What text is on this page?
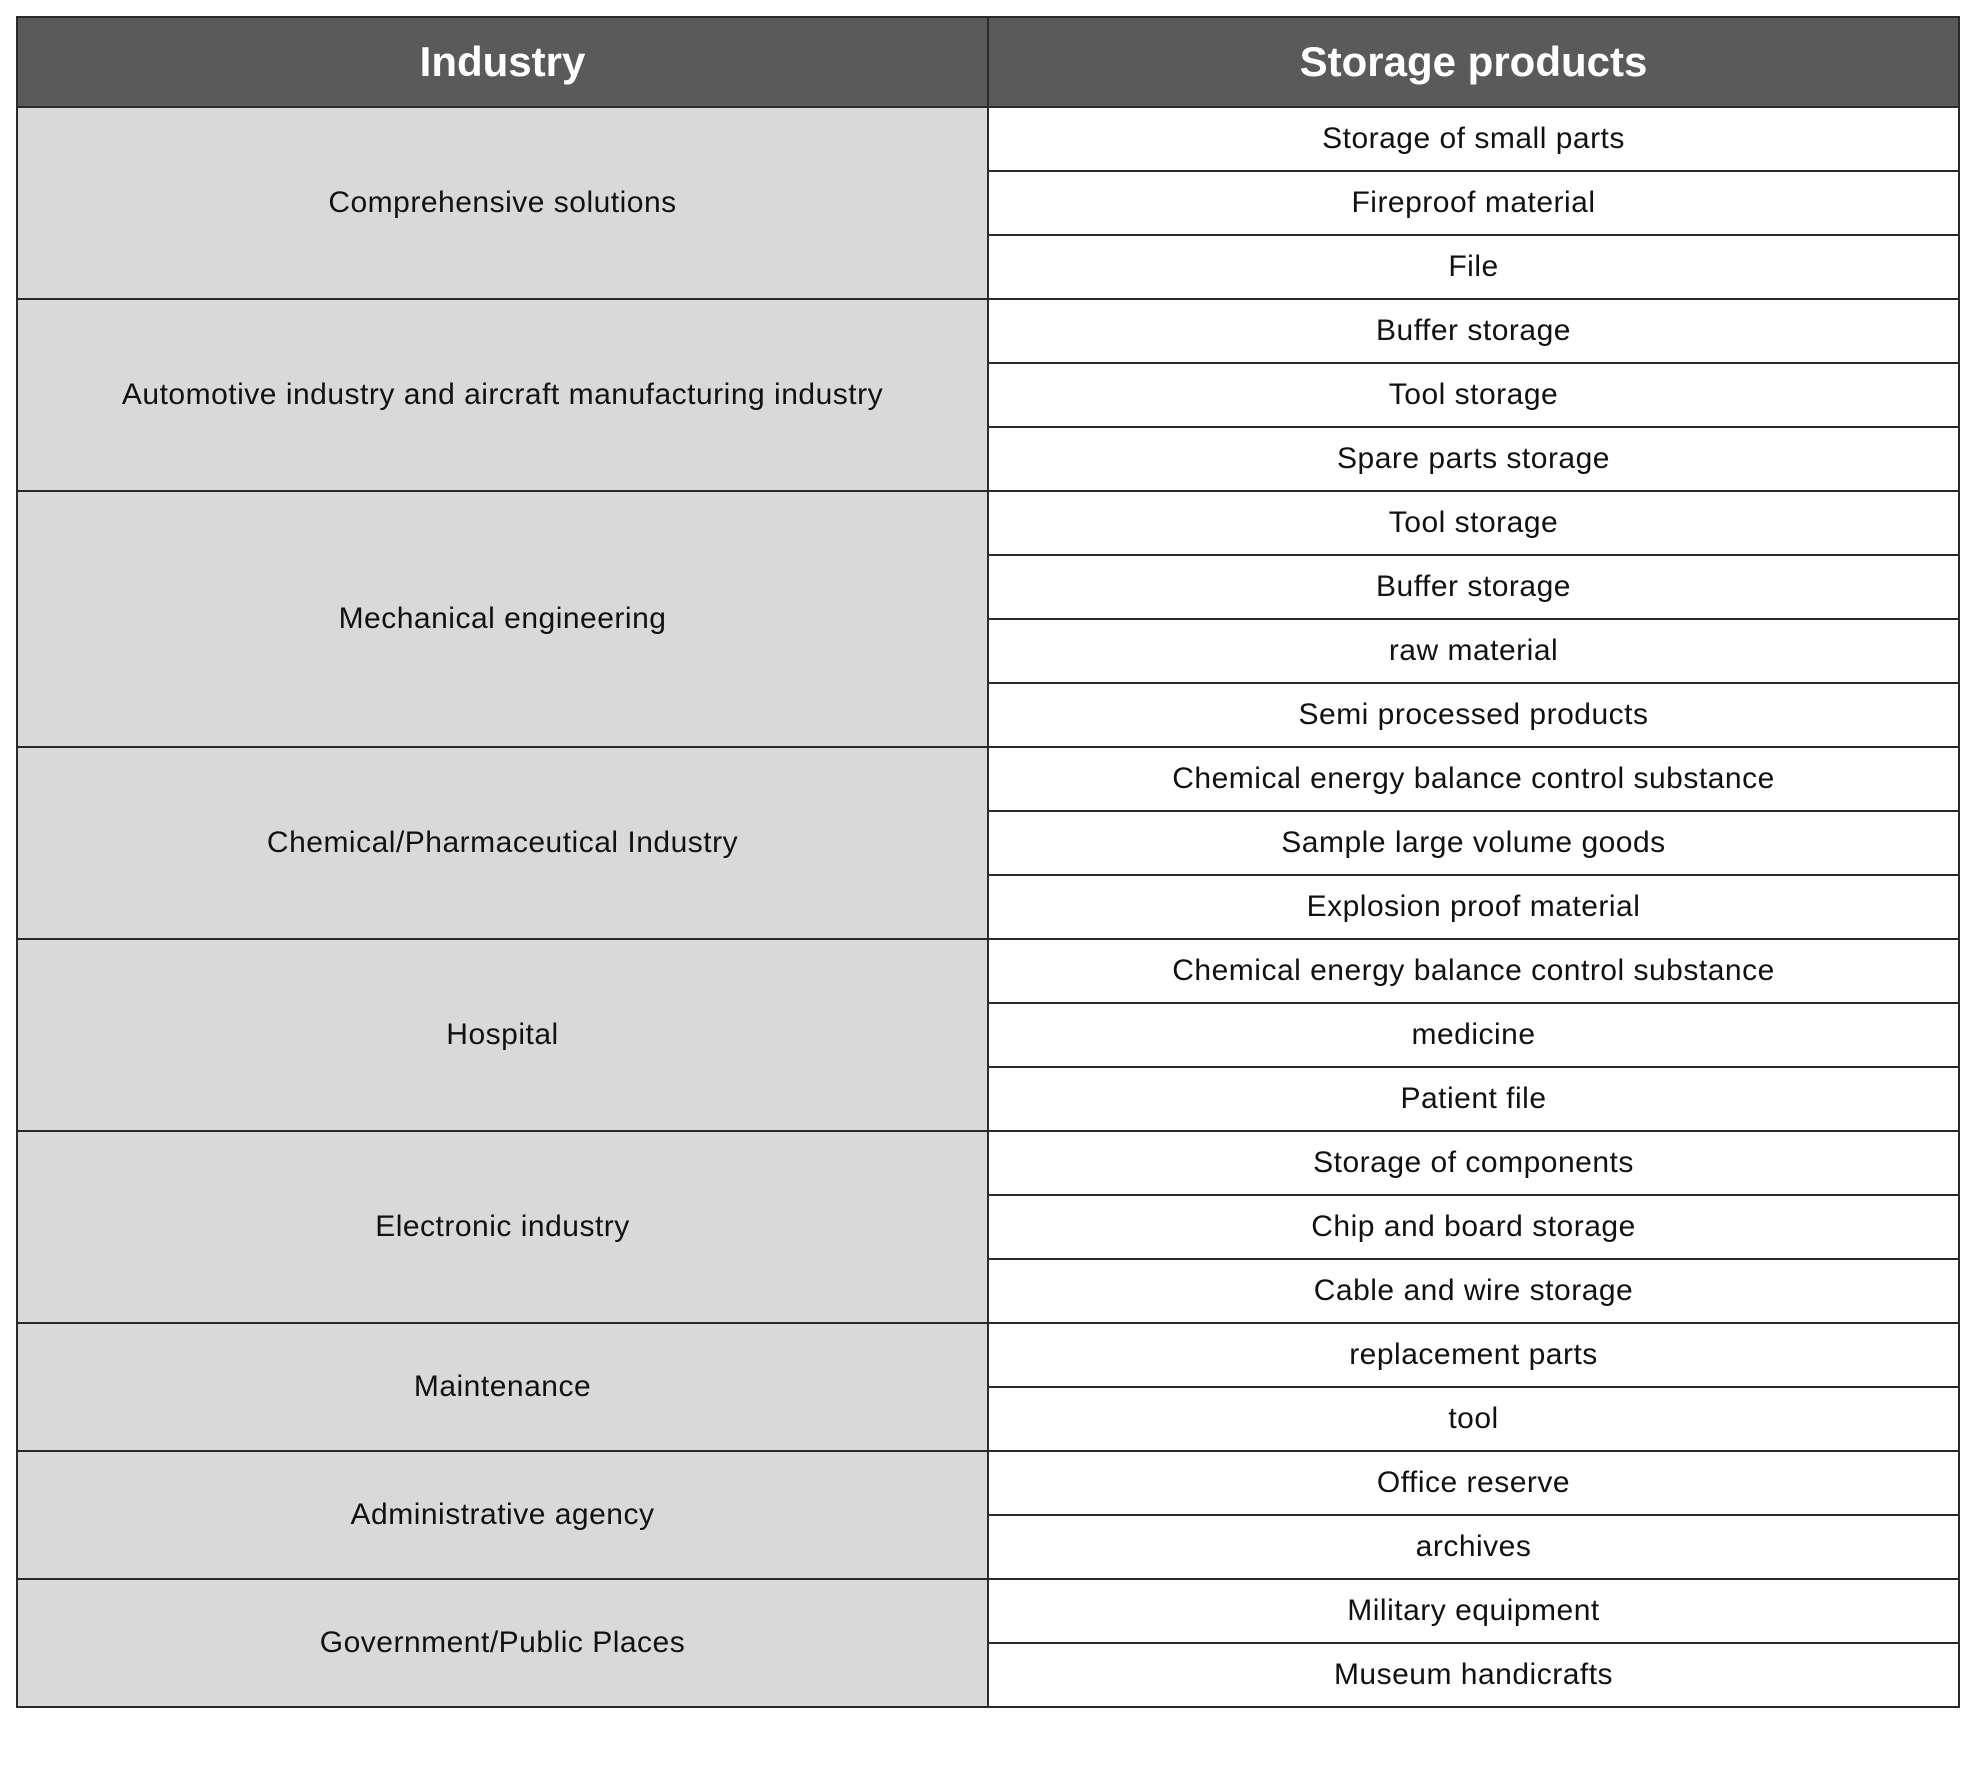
Industry	Storage products
Comprehensive solutions	Storage of small parts
	Fireproof material
	File
Automotive industry and aircraft manufacturing industry	Buffer storage
	Tool storage
	Spare parts storage
Mechanical engineering	Tool storage
	Buffer storage
	raw material
	Semi processed products
Chemical/Pharmaceutical Industry	Chemical energy balance control substance
	Sample large volume goods
	Explosion proof material
Hospital	Chemical energy balance control substance
	medicine
	Patient file
Electronic industry	Storage of components
	Chip and board storage
	Cable and wire storage
Maintenance	replacement parts
	tool
Administrative agency	Office reserve
	archives
Government/Public Places	Military equipment
	Museum handicrafts
